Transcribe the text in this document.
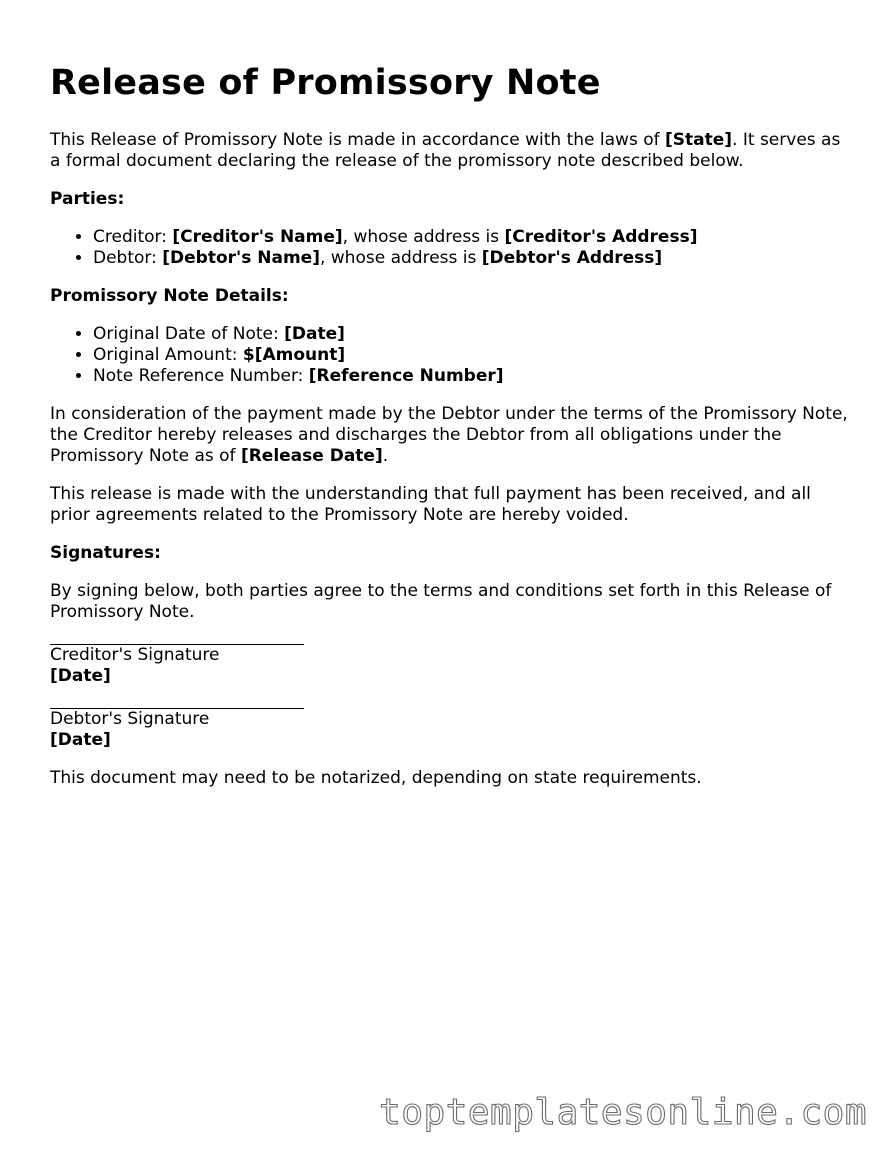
Release of Promissory Note

This Release of Promissory Note is made in accordance with the laws of [State]. It serves as a formal document declaring the release of the promissory note described below.

Parties:
• Creditor: [Creditor's Name], whose address is [Creditor's Address]
• Debtor: [Debtor's Name], whose address is [Debtor's Address]
Promissory Note Details:
• Original Date of Note: [Date]
• Original Amount: $[Amount]
• Note Reference Number: [Reference Number]

In consideration of the payment made by the Debtor under the terms of the Promissory Note, the Creditor hereby releases and discharges the Debtor from all obligations under the Promissory Note as of [Release Date].

This release is made with the understanding that full payment has been received, and all prior agreements related to the Promissory Note are hereby voided.

Signatures:

By signing below, both parties agree to the terms and conditions set forth in this Release of Promissory Note.

Creditor's Signature
[Date]
Debtor's Signature
[Date]

This document may need to be notarized, depending on state requirements.

toptemplatesonline.com
